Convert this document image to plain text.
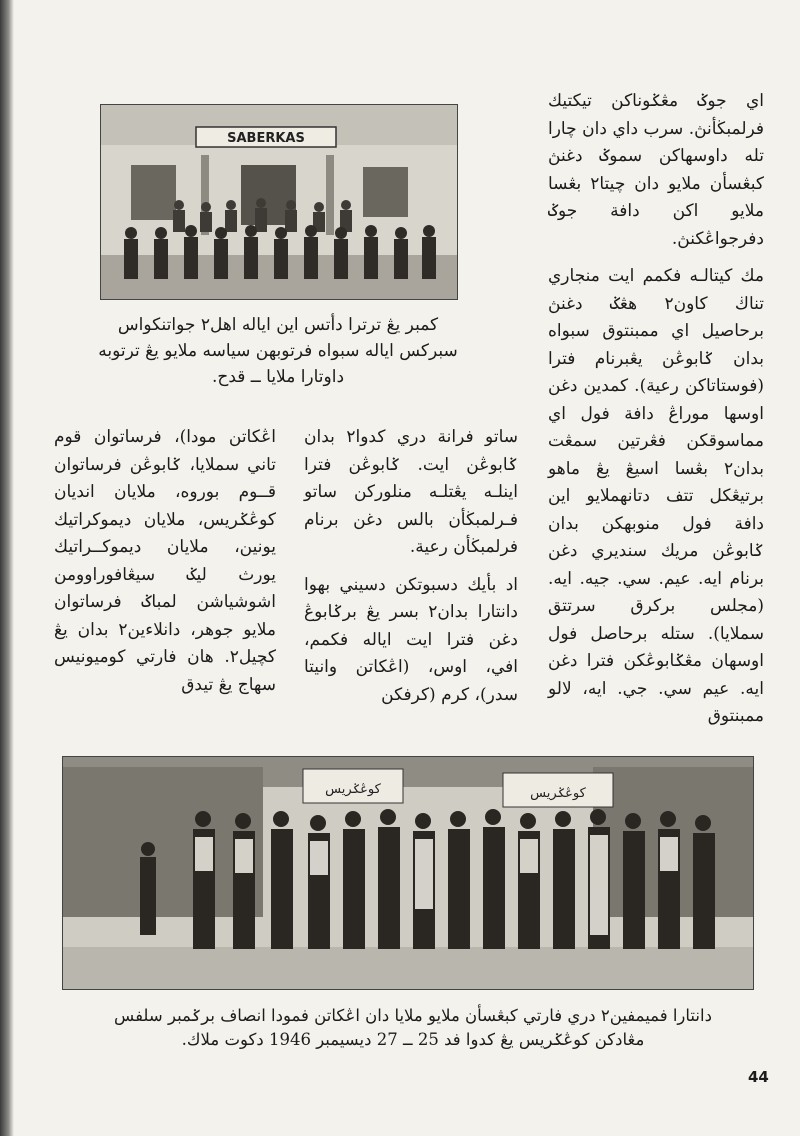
SABERKAS
كمبر يڠ ترترا دأتس اين اياله اهل٢ جواتنكواس سبركس اياله سبواه فرتوبهن سياسه ملايو يڠ ترتوبه داوتارا ملايا ــ قدح.

اي جوݢ مڠݢوناكن تيكتيك فرلمبڬأنڽ. سرب داي دان چارا تله داوسهاكن سموݢ دغنڽ كبڠسأن ملايو دان چيتا٢ بڠسا ملايو اكن دافة جوݢ دفرجواڠكنڽ.

مك كيتالـه فكمم ايت منجاري تناڬ كاون٢ هڠݢ دغنڽ برحاصيل اي ممبنتوق سبواه بدان ݢابوڠن يڠبرنام فترا (فوستاتاكن رعية). كمدين دغن اوسها موراڠ دافة فول اي مماسوقكن فڠرتين سمڠت بدان٢ بڠسا اسيڠ يڠ ماهو برتيڠكل تتف دتانهملايو اين دافة فول منوبهكن بدان ݢابوڠن مريك سنديري دغن برنام ايه. عيم. سي. جيه. ايه. (مجلس بركرق سرتتق سملايا). ستله برحاصل فول اوسهان مڠݢابوڠكن فترا دغن ايه. عيم سي. جي. ايه، لالو ممبنتوق

ساتو فرانة دري كدوا٢ بدان ݢابوڠن ايت. ݢابوڠن فترا اينلـه يڠتلـه منلوركن ساتو فـرلمبڬأن بالس دغن برنام فرلمبڬأن رعية.

اد بأيك دسبوتكن دسيني بهوا دانتارا بدان٢ بسر يڠ برݢابوڠ دغن فترا ايت اياله فكمم، افي، اوس، (اڠكاتن وانيتا سدر)، كرم (كرفكن

اڠكاتن مودا)، فرساتوان قوم تاني سملايا، ݢابوڠن فرساتوان قــوم بوروه، ملايان انديان كوڠݢريس، ملايان ديموكراتيك يونين، ملايان ديموكــراتيك يورث ليݢ سيڠافوراوومن اشوشياشن لمباݢ فرساتوان ملايو جوهر، دانلاءين٢ بدان يڠ كچيل٢. هان فارتي كوميونيس سهاج يڠ تيدق

كوڠݢريس	كوڠݢريس
دانتارا فميمفين٢ دري فارتي كبڠسأن ملايو ملايا دان اڠكاتن فمودا انصاف برݢمبر سلفس
مڠادكن كوڠݢريس يڠ كدوا فد 25 ــ 27 ديسيمبر 1946 دكوت ملاك.
44
